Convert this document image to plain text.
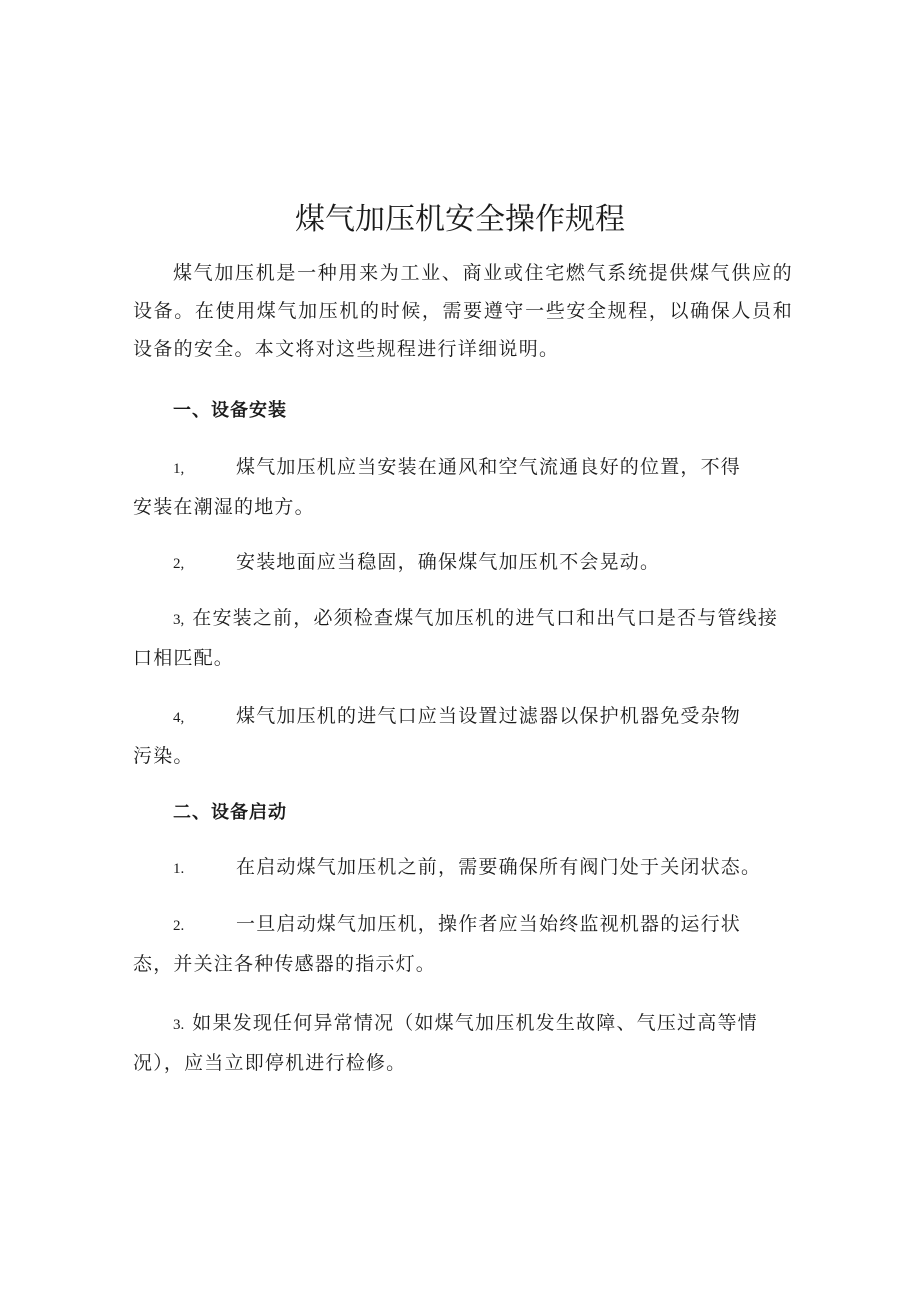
煤气加压机安全操作规程

煤气加压机是一种用来为工业、商业或住宅燃气系统提供煤气供应的设备。在使用煤气加压机的时候，需要遵守一些安全规程，以确保人员和设备的安全。本文将对这些规程进行详细说明。

一、设备安装
1,	煤气加压机应当安装在通风和空气流通良好的位置，不得
安装在潮湿的地方。
2,	安装地面应当稳固，确保煤气加压机不会晃动。
3, 在安装之前，必须检查煤气加压机的进气口和出气口是否与管线接
口相匹配。
4,	煤气加压机的进气口应当设置过滤器以保护机器免受杂物
污染。
二、设备启动
1.	在启动煤气加压机之前，需要确保所有阀门处于关闭状态。
2.	一旦启动煤气加压机，操作者应当始终监视机器的运行状
态，并关注各种传感器的指示灯。
3. 如果发现任何异常情况（如煤气加压机发生故障、气压过高等情
况），应当立即停机进行检修。
